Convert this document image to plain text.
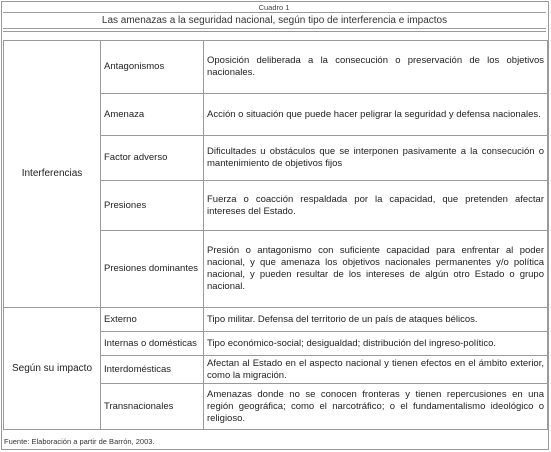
Cuadro 1
Las amenazas a la seguridad nacional, según tipo de interferencia e impactos
Interferencias	Antagonismos	Oposición deliberada a la consecución o preservación de los objetivos nacionales.
	Amenaza	Acción o situación que puede hacer peligrar la seguridad y defensa nacionales.
	Factor adverso	Dificultades u obstáculos que se interponen pasivamente a la consecución o mantenimiento de objetivos fijos
	Presiones	Fuerza o coacción respaldada por la capacidad, que pretenden afectar intereses del Estado.
	Presiones dominantes	Presión o antagonismo con suficiente capacidad para enfrentar al poder nacional, y que amenaza los objetivos nacionales permanentes y/o política nacional, y pueden resultar de los intereses de algún otro Estado o grupo nacional.
Según su impacto	Externo	Tipo militar. Defensa del territorio de un país de ataques bélicos.
	Internas o domésticas	Tipo económico-social; desigualdad; distribución del ingreso-político.
	Interdomésticas	Afectan al Estado en el aspecto nacional y tienen efectos en el ámbito exterior, como la migración.
	Transnacionales	Amenazas donde no se conocen fronteras y tienen repercusiones en una región geográfica; como el narcotráfico; o el fundamentalismo ideológico o religioso.
Fuente: Elaboración a partir de Barrón, 2003.
